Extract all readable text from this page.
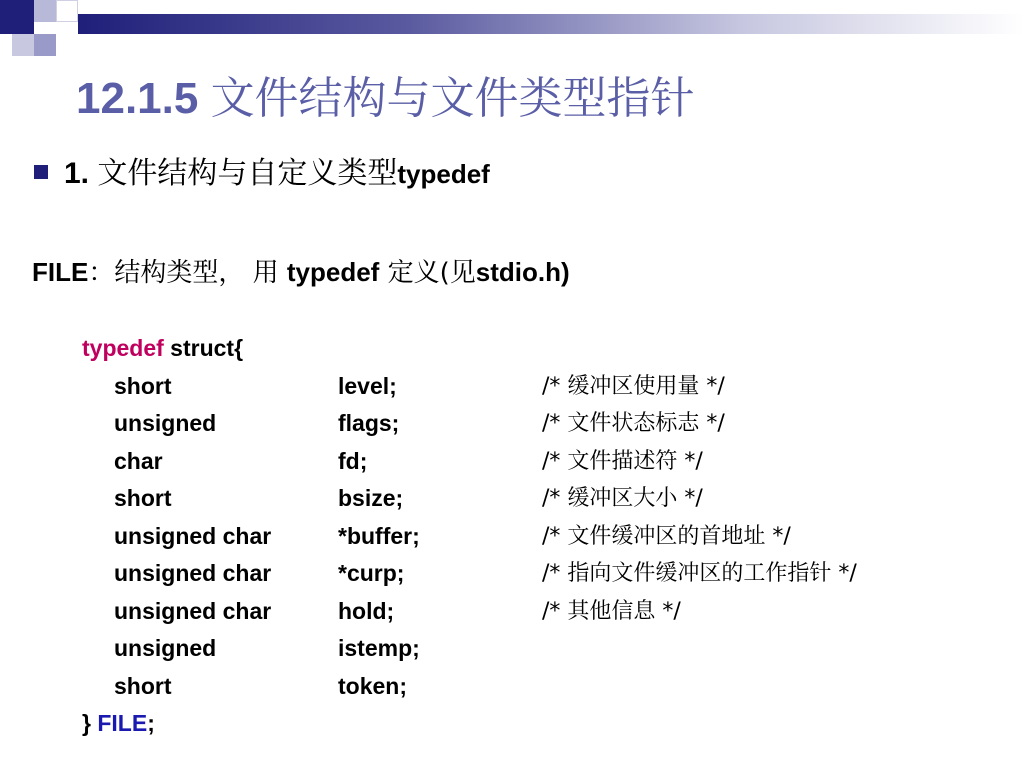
12.1.5 文件结构与文件类型指针
1. 文件结构与自定义类型typedef
FILE：结构类型， 用 typedef 定义(见stdio.h)
typedef struct{
short	level;	/* 缓冲区使用量 */
unsigned	flags;	/* 文件状态标志 */
char	fd;	/* 文件描述符 */
short	bsize;	/* 缓冲区大小 */
unsigned char	*buffer;	/* 文件缓冲区的首地址 */
unsigned char	*curp;	/* 指向文件缓冲区的工作指针 */
unsigned char	hold;	/* 其他信息 */
unsigned	istemp;
short	token;
} FILE;
